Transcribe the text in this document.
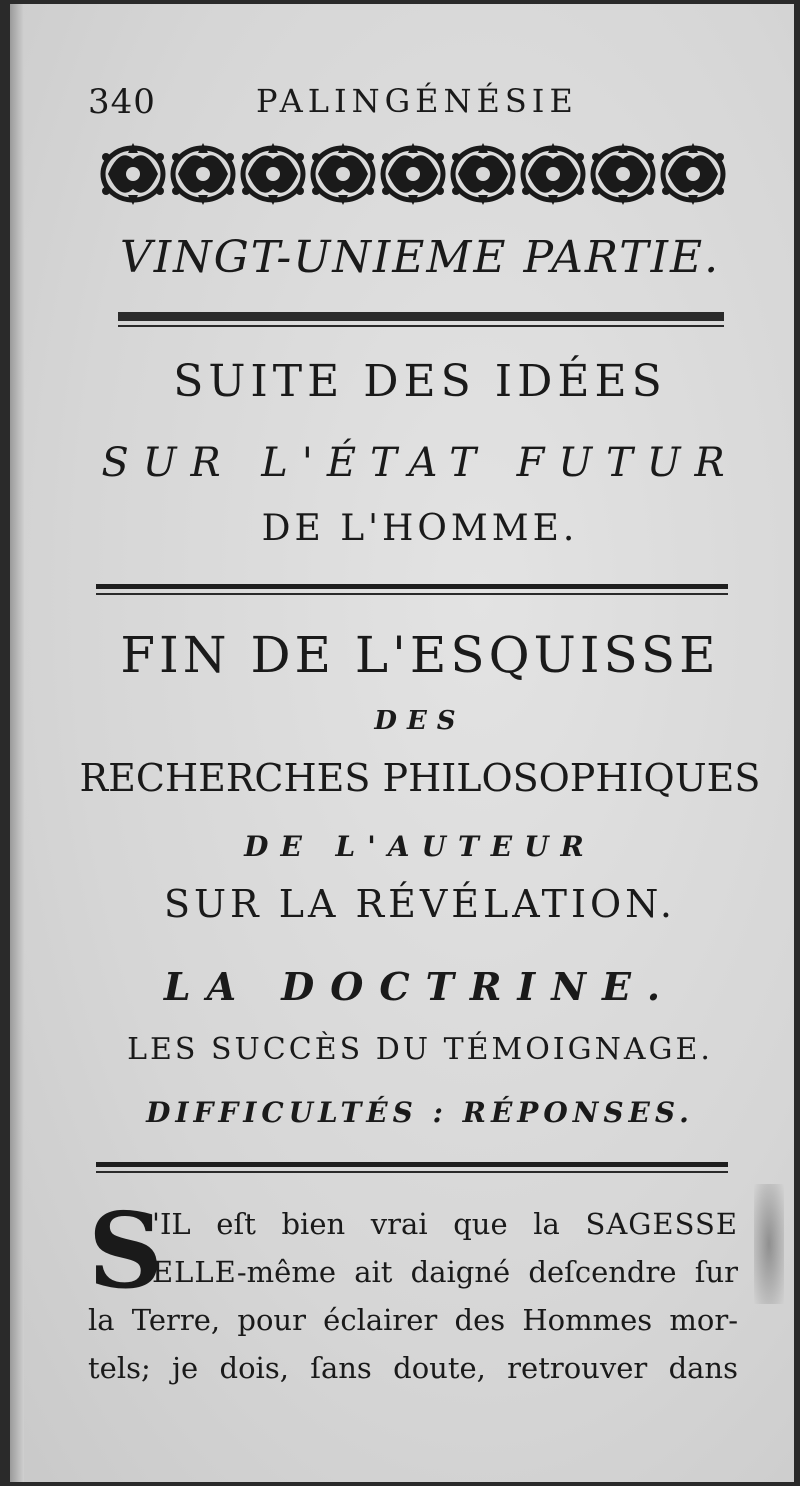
340	PALINGÉNÉSIE
VINGT-UNIEME PARTIE.
SUITE DES IDÉES
SUR L'ÉTAT FUTUR
DE L'HOMME.
FIN DE L'ESQUISSE
DES
RECHERCHES PHILOSOPHIQUES
DE L'AUTEUR
SUR LA RÉVÉLATION.
LA DOCTRINE.
LES SUCCÈS DU TÉMOIGNAGE.
DIFFICULTÉS : RÉPONSES.
S
'IL eſt bien vrai que la SAGESSE
ELLE-même ait daigné deſcendre ſur
la Terre, pour éclairer des Hommes mor-
tels; je dois, ſans doute, retrouver dans
